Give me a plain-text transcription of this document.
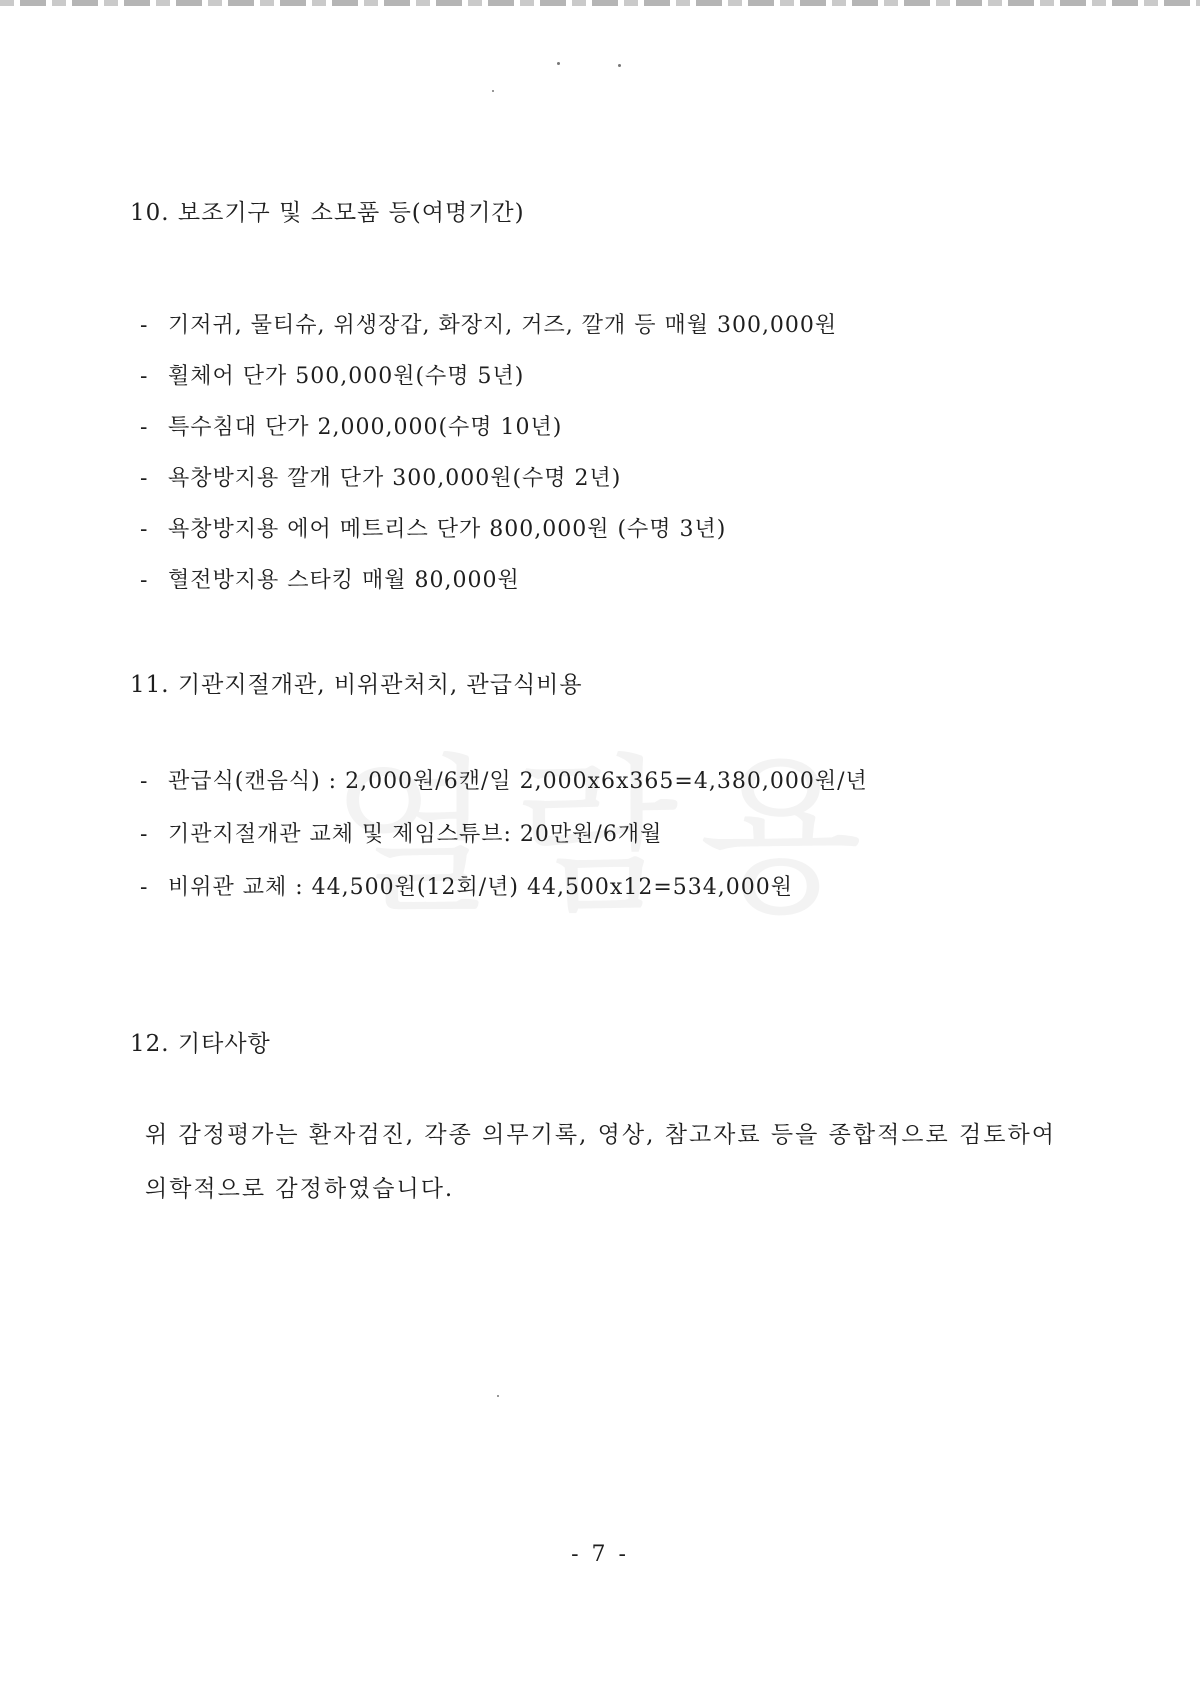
10. 보조기구 및 소모품 등(여명기간)
- 기저귀, 물티슈, 위생장갑, 화장지, 거즈, 깔개 등 매월 300,000원
- 휠체어 단가 500,000원(수명 5년)
- 특수침대 단가 2,000,000(수명 10년)
- 욕창방지용 깔개 단가 300,000원(수명 2년)
- 욕창방지용 에어 메트리스 단가 800,000원 (수명 3년)
- 혈전방지용 스타킹 매월 80,000원
11. 기관지절개관, 비위관처치, 관급식비용
- 관급식(캔음식) : 2,000원/6캔/일 2,000x6x365=4,380,000원/년
- 기관지절개관 교체 및 제임스튜브: 20만원/6개월
- 비위관 교체 : 44,500원(12회/년) 44,500x12=534,000원
12. 기타사항
위 감정평가는 환자검진, 각종 의무기록, 영상, 참고자료 등을 종합적으로 검토하여
의학적으로 감정하였습니다.
- 7 -
